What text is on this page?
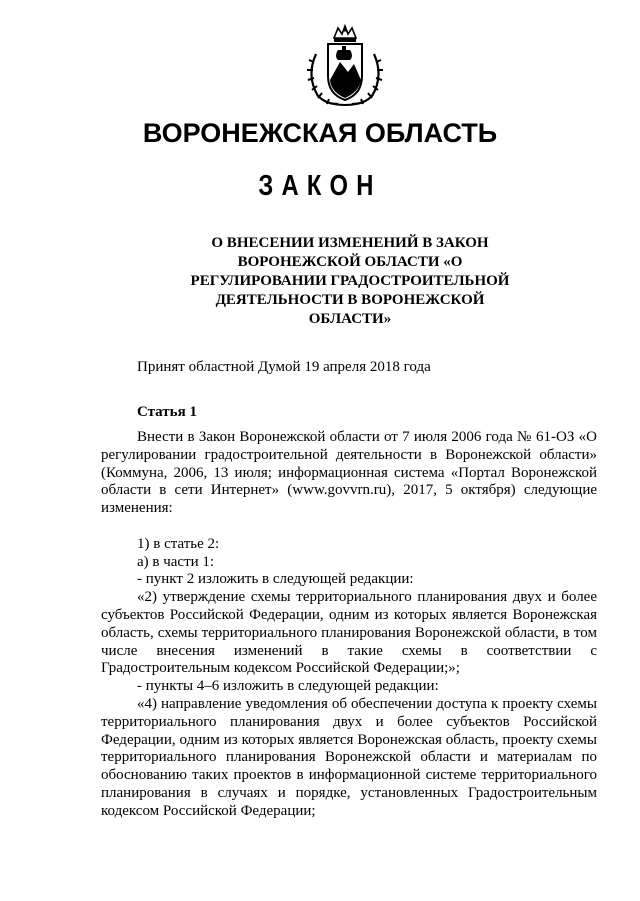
ВОРОНЕЖСКАЯ ОБЛАСТЬ
ЗАКОН
О ВНЕСЕНИИ ИЗМЕНЕНИЙ В ЗАКОН
ВОРОНЕЖСКОЙ ОБЛАСТИ «О
РЕГУЛИРОВАНИИ ГРАДОСТРОИТЕЛЬНОЙ
ДЕЯТЕЛЬНОСТИ В ВОРОНЕЖСКОЙ
ОБЛАСТИ»
Принят областной Думой 19 апреля 2018 года
Статья 1

Внести в Закон Воронежской области от 7 июля 2006 года № 61-ОЗ «О регулировании градостроительной деятельности в Воронежской области» (Коммуна, 2006, 13 июля; информационная система «Портал Воронежской области в сети Интернет» (www.govvrn.ru), 2017, 5 октября) следующие изменения:

1) в статье 2:

а) в части 1:

- пункт 2 изложить в следующей редакции:

«2) утверждение схемы территориального планирования двух и более субъектов Российской Федерации, одним из которых является Воронежская область, схемы территориального планирования Воронежской области, в том числе внесения изменений в такие схемы в соответствии с Градостроительным кодексом Российской Федерации;»;

- пункты 4–6 изложить в следующей редакции:

«4) направление уведомления об обеспечении доступа к проекту схемы территориального планирования двух и более субъектов Российской Федерации, одним из которых является Воронежская область, проекту схемы территориального планирования Воронежской области и материалам по обоснованию таких проектов в информационной системе территориального планирования в случаях и порядке, установленных Градостроительным кодексом Российской Федерации;
